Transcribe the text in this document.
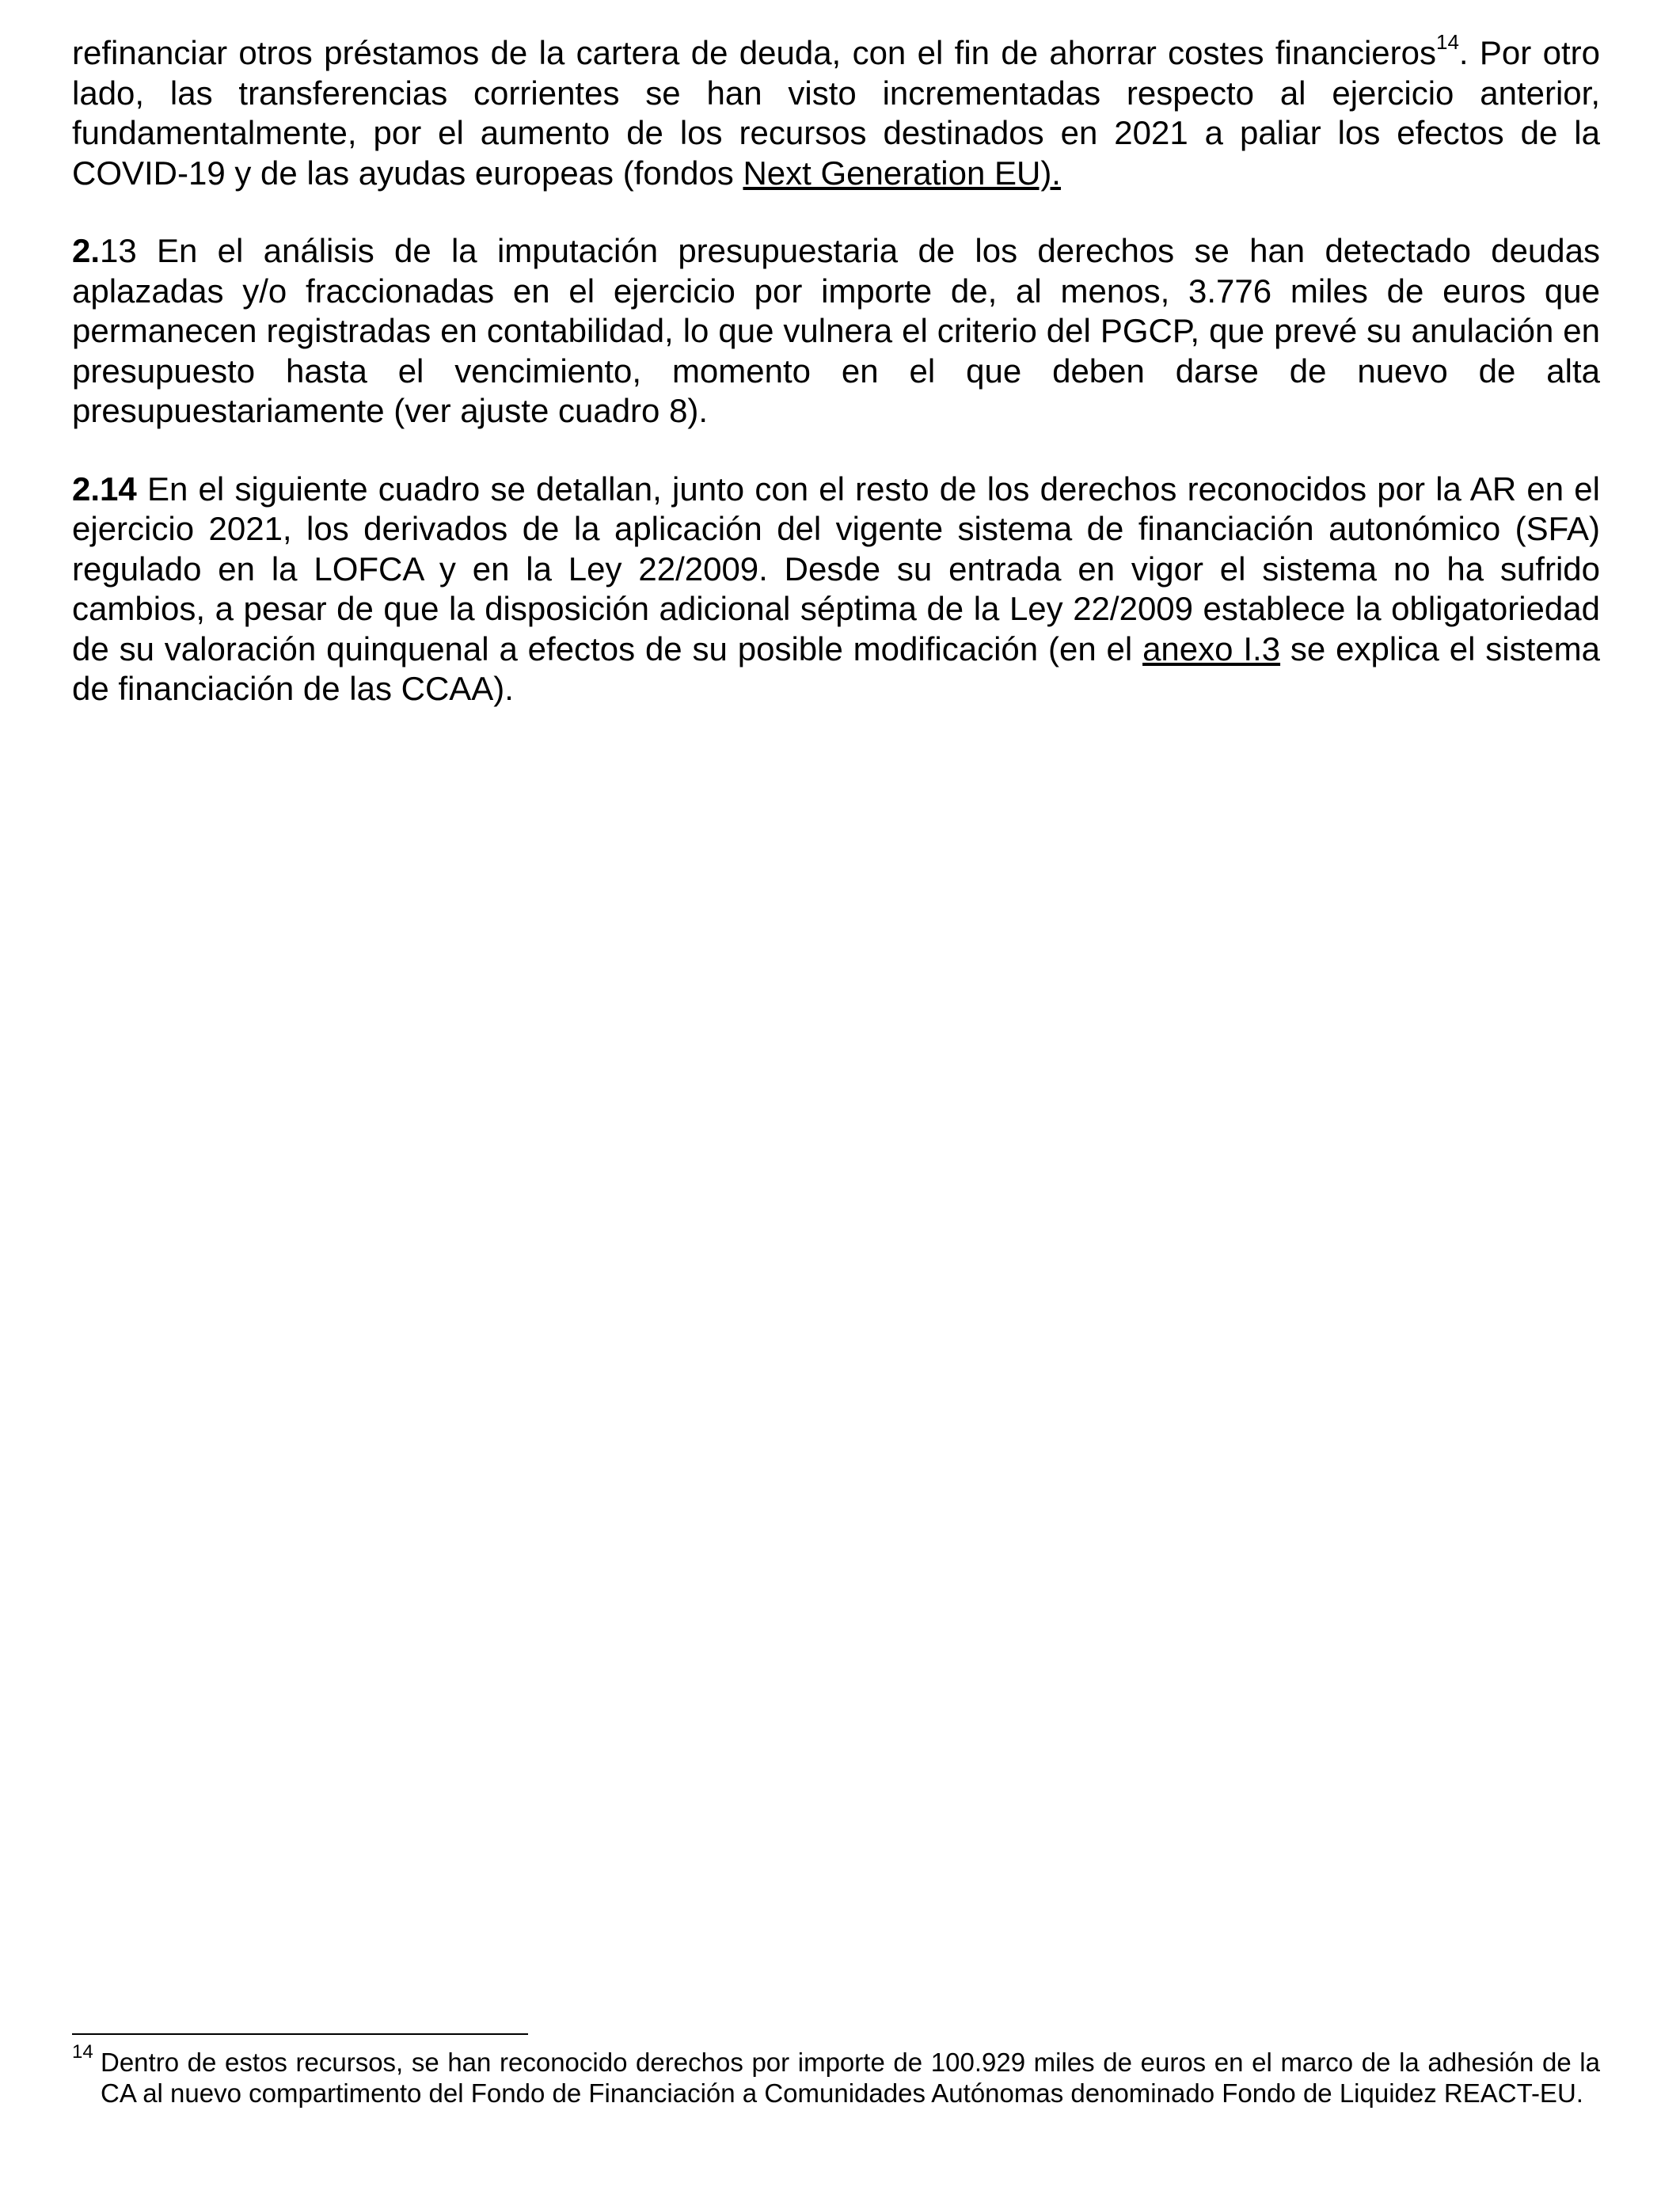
refinanciar otros préstamos de la cartera de deuda, con el fin de ahorrar costes financieros$^{14}$. Por otro lado, las transferencias corrientes se han visto incrementadas respecto al ejercicio anterior, fundamentalmente, por el aumento de los recursos destinados en 2021 a paliar los efectos de la COVID-19 y de las ayudas europeas (fondos Next Generation EU).

2.13 En el análisis de la imputación presupuestaria de los derechos se han detectado deudas aplazadas y/o fraccionadas en el ejercicio por importe de, al menos, 3.776 miles de euros que permanecen registradas en contabilidad, lo que vulnera el criterio del PGCP, que prevé su anulación en presupuesto hasta el vencimiento, momento en el que deben darse de nuevo de alta presupuestariamente (ver ajuste cuadro 8).

2.14 En el siguiente cuadro se detallan, junto con el resto de los derechos reconocidos por la AR en el ejercicio 2021, los derivados de la aplicación del vigente sistema de financiación autonómico (SFA) regulado en la LOFCA y en la Ley 22/2009. Desde su entrada en vigor el sistema no ha sufrido cambios, a pesar de que la disposición adicional séptima de la Ley 22/2009 establece la obligatoriedad de su valoración quinquenal a efectos de su posible modificación (en el anexo I.3 se explica el sistema de financiación de las CCAA).

14 Dentro de estos recursos, se han reconocido derechos por importe de 100.929 miles de euros en el marco de la adhesión de la CA al nuevo compartimento del Fondo de Financiación a Comunidades Autónomas denominado Fondo de Liquidez REACT-EU.
